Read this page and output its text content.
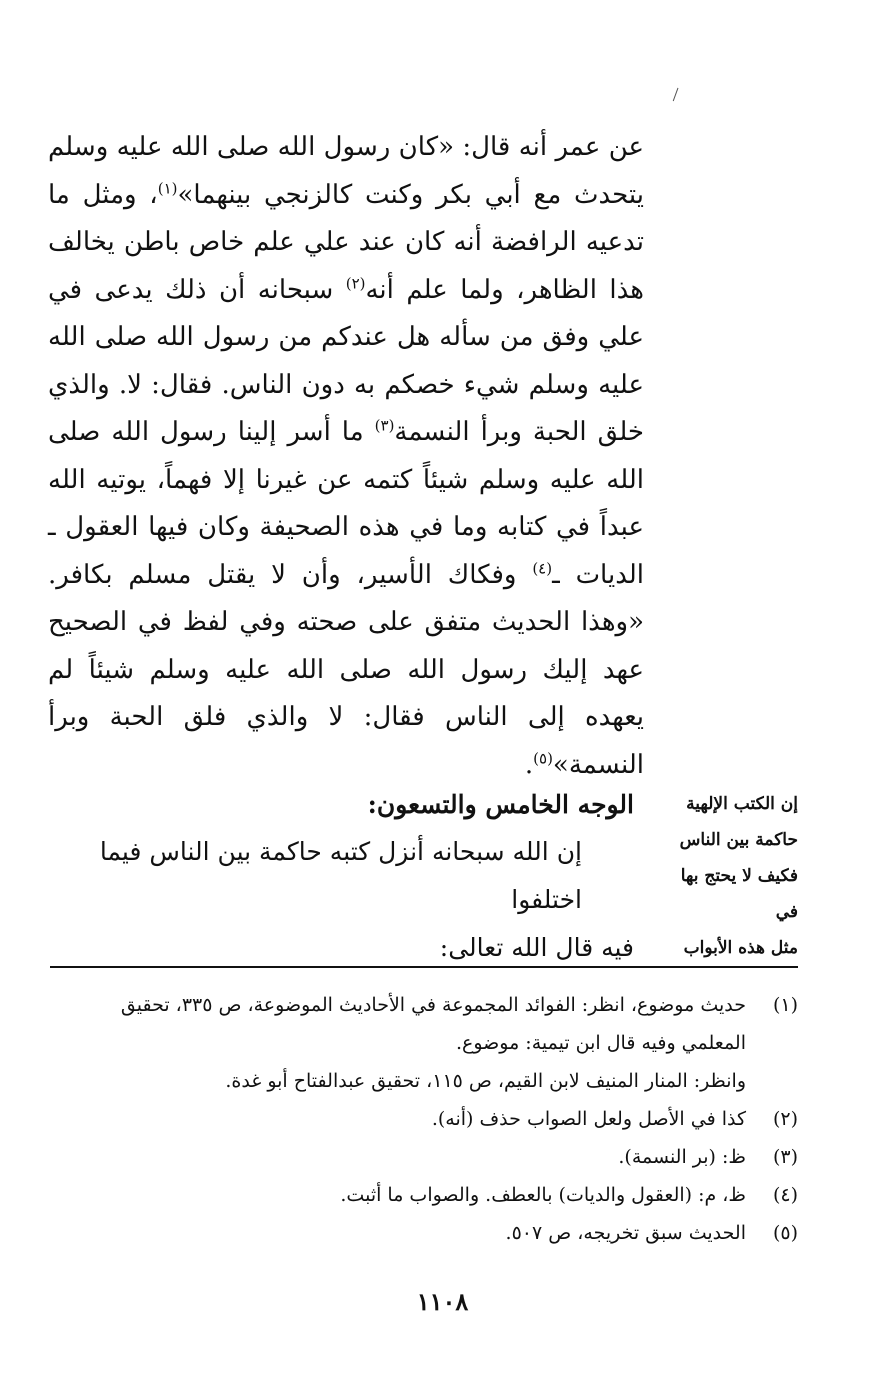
عن عمر أنه قال: «كان رسول الله صلى الله عليه وسلم يتحدث مع أبي بكر وكنت كالزنجي بينهما»$^{(١)}$، ومثل ما تدعيه الرافضة أنه كان عند علي علم خاص باطن يخالف هذا الظاهر، ولما علم أنه$^{(٢)}$ سبحانه أن ذلك يدعى في علي وفق من سأله هل عندكم من رسول الله صلى الله عليه وسلم شيء خصكم به دون الناس. فقال: لا. والذي خلق الحبة وبرأ النسمة$^{(٣)}$ ما أسر إلينا رسول الله صلى الله عليه وسلم شيئاً كتمه عن غيرنا إلا فهماً، يوتيه الله عبداً في كتابه وما في هذه الصحيفة وكان فيها العقول ـ الديات ـ$^{(٤)}$ وفكاك الأسير، وأن لا يقتل مسلم بكافر. «وهذا الحديث متفق على صحته وفي لفظ في الصحيح عهد إليك رسول الله صلى الله عليه وسلم شيئاً لم يعهده إلى الناس فقال: لا والذي فلق الحبة وبرأ النسمة»$^{(٥)}$.
إن الكتب الإلهية
حاكمة بين الناس
فكيف لا يحتج بها في
مثل هذه الأبواب
الوجه الخامس والتسعون:
إن الله سبحانه أنزل كتبه حاكمة بين الناس فيما اختلفوا
فيه قال الله تعالى:
(١)
حديث موضوع، انظر: الفوائد المجموعة في الأحاديث الموضوعة، ص ٣٣٥، تحقيق
المعلمي وفيه قال ابن تيمية: موضوع.
وانظر: المنار المنيف لابن القيم، ص ١١٥، تحقيق عبدالفتاح أبو غدة.
(٢)
كذا في الأصل ولعل الصواب حذف (أنه).
(٣)
ظ: (بر النسمة).
(٤)
ظ، م: (العقول والديات) بالعطف. والصواب ما أثبت.
(٥)
الحديث سبق تخريجه، ص ٥٠٧.
١١٠٨
